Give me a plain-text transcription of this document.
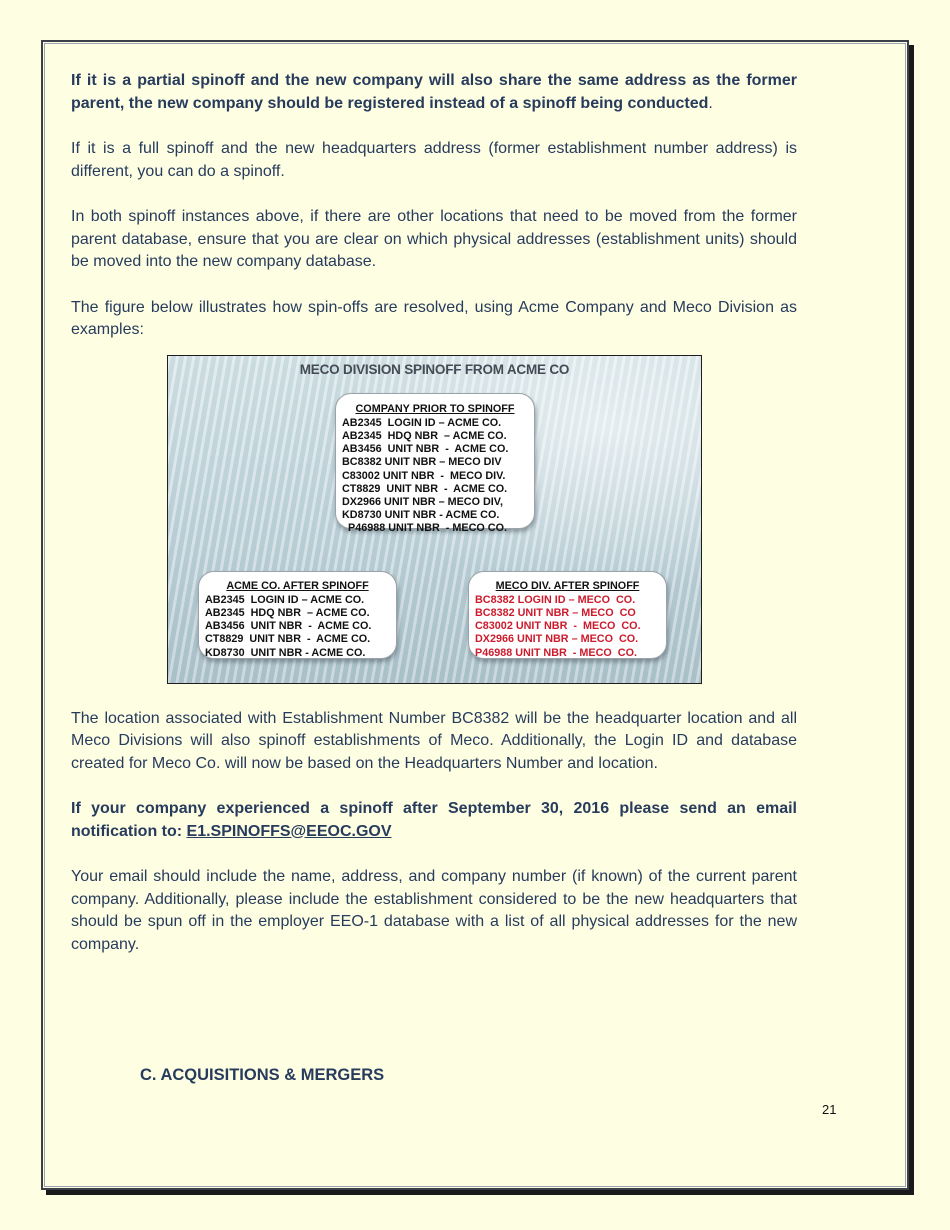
If it is a partial spinoff and the new company will also share the same address as the former parent, the new company should be registered instead of a spinoff being conducted.

If it is a full spinoff and the new headquarters address (former establishment number address) is different, you can do a spinoff.

In both spinoff instances above, if there are other locations that need to be moved from the former parent database, ensure that you are clear on which physical addresses (establishment units) should be moved into the new company database.

The figure below illustrates how spin-offs are resolved, using Acme Company and Meco Division as examples:

MECO DIVISION SPINOFF FROM ACME CO
COMPANY PRIOR TO SPINOFF
AB2345  LOGIN ID – ACME CO.
AB2345  HDQ NBR  – ACME CO.
AB3456  UNIT NBR  -  ACME CO.
BC8382 UNIT NBR – MECO DIV
C83002 UNIT NBR  -  MECO DIV.
CT8829  UNIT NBR  -  ACME CO.
DX2966 UNIT NBR – MECO DIV,
KD8730 UNIT NBR - ACME CO.
P46988 UNIT NBR  - MECO CO.
ACME CO. AFTER SPINOFF
AB2345  LOGIN ID – ACME CO.
AB2345  HDQ NBR  – ACME CO.
AB3456  UNIT NBR  -  ACME CO.
CT8829  UNIT NBR  -  ACME CO.
KD8730  UNIT NBR - ACME CO.
MECO DIV. AFTER SPINOFF
BC8382 LOGIN ID – MECO  CO.
BC8382 UNIT NBR – MECO  CO
C83002 UNIT NBR  -  MECO  CO.
DX2966 UNIT NBR – MECO  CO.
P46988 UNIT NBR  - MECO  CO.

The location associated with Establishment Number BC8382 will be the headquarter location and all Meco Divisions will also spinoff establishments of Meco. Additionally, the Login ID and database created for Meco Co. will now be based on the Headquarters Number and location.

If your company experienced a spinoff after September 30, 2016 please send an email notification to: E1.SPINOFFS@EEOC.GOV

Your email should include the name, address, and company number (if known) of the current parent company. Additionally, please include the establishment considered to be the new headquarters that should be spun off in the employer EEO-1 database with a list of all physical addresses for the new company.

C. ACQUISITIONS & MERGERS
21
